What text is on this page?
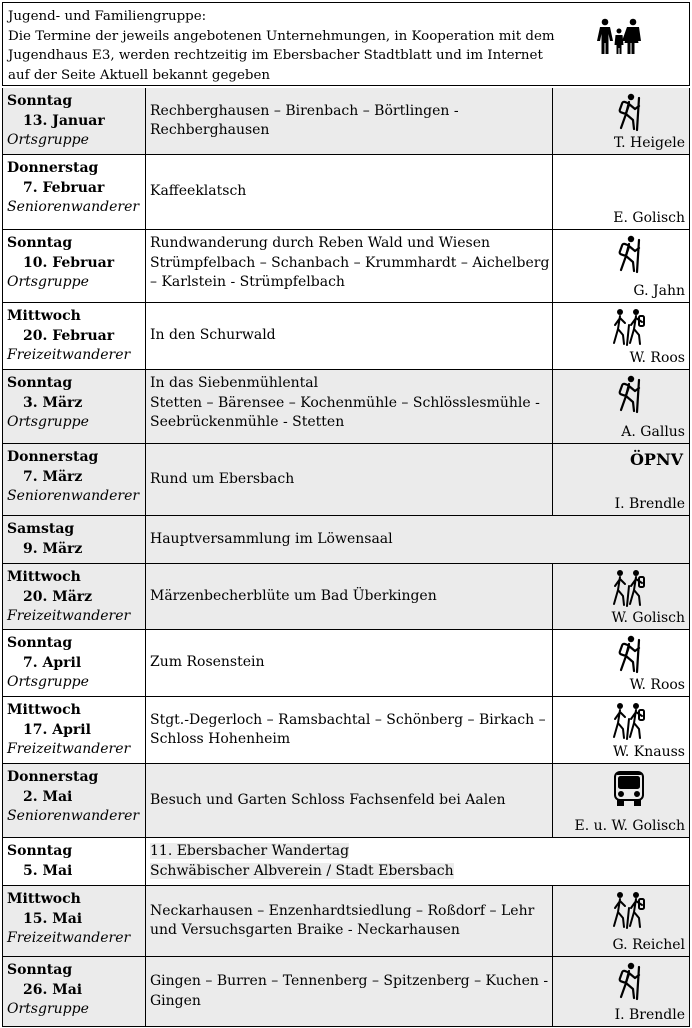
Jugend- und Familiengruppe:
Die Termine der jeweils angebotenen Unternehmungen, in Kooperation mit dem
Jugendhaus E3, werden rechtzeitig im Ebersbacher Stadtblatt und im Internet
auf der Seite Aktuell bekannt gegeben
Sonntag
13. Januar
Ortsgruppe
Rechberghausen – Birenbach – Börtlingen -
Rechberghausen
T. Heigele
Donnerstag
7. Februar
Seniorenwanderer
Kaffeeklatsch
E. Golisch
Sonntag
10. Februar
Ortsgruppe
Rundwanderung durch Reben Wald und Wiesen
Strümpfelbach – Schanbach – Krummhardt – Aichelberg
– Karlstein - Strümpfelbach
G. Jahn
Mittwoch
20. Februar
Freizeitwanderer
In den Schurwald
W. Roos
Sonntag
3. März
Ortsgruppe
In das Siebenmühlental
Stetten – Bärensee – Kochenmühle – Schlösslesmühle -
Seebrückenmühle - Stetten
A. Gallus
Donnerstag
7. März
Seniorenwanderer
Rund um Ebersbach
ÖPNV
I. Brendle
Samstag
9. März
Hauptversammlung im Löwensaal
Mittwoch
20. März
Freizeitwanderer
Märzenbecherblüte um Bad Überkingen
W. Golisch
Sonntag
7. April
Ortsgruppe
Zum Rosenstein
W. Roos
Mittwoch
17. April
Freizeitwanderer
Stgt.-Degerloch – Ramsbachtal – Schönberg – Birkach –
Schloss Hohenheim
W. Knauss
Donnerstag
2. Mai
Seniorenwanderer
Besuch und Garten Schloss Fachsenfeld bei Aalen
E. u. W. Golisch
Sonntag
5. Mai
11. Ebersbacher Wandertag
Schwäbischer Albverein / Stadt Ebersbach
Mittwoch
15. Mai
Freizeitwanderer
Neckarhausen – Enzenhardtsiedlung – Roßdorf – Lehr
und Versuchsgarten Braike - Neckarhausen
G. Reichel
Sonntag
26. Mai
Ortsgruppe
Gingen – Burren – Tennenberg – Spitzenberg – Kuchen -
Gingen
I. Brendle
